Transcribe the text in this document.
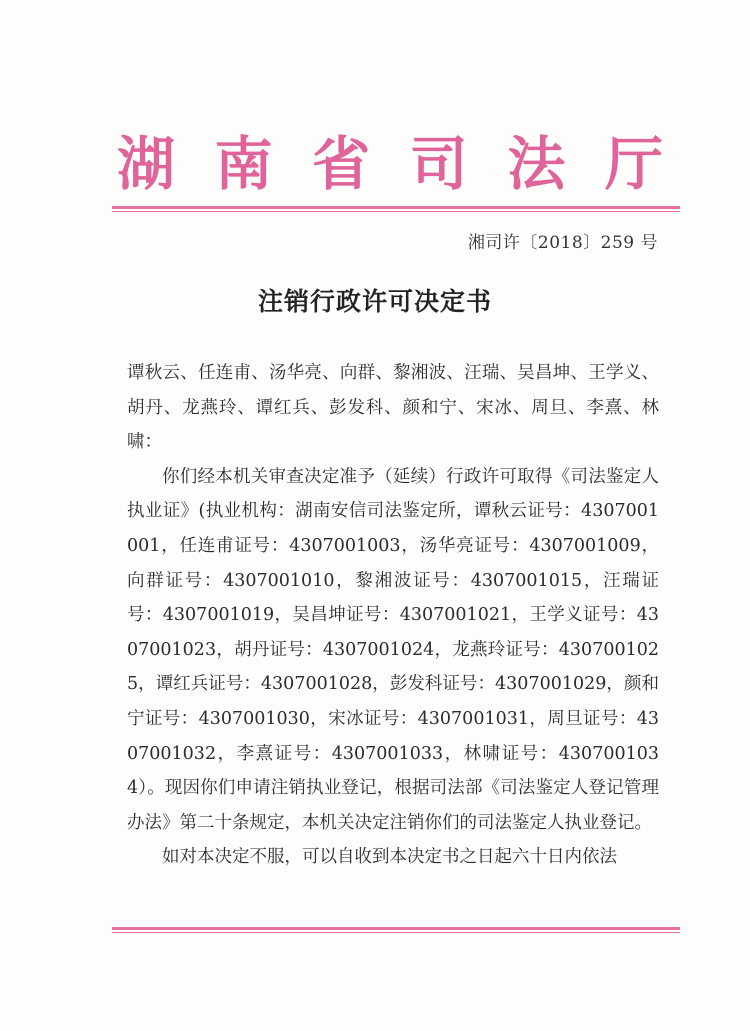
湖 南 省 司 法 厅
湘司许〔2018〕259 号
注销行政许可决定书

谭秋云、任连甫、汤华亮、向群、黎湘波、汪瑞、吴昌坤、王学义、胡丹、龙燕玲、谭红兵、彭发科、颜和宁、宋冰、周旦、李熹、林啸：

你们经本机关审查决定准予（延续）行政许可取得《司法鉴定人执业证》(执业机构：湖南安信司法鉴定所，谭秋云证号：4307001001，任连甫证号：4307001003，汤华亮证号：4307001009，向群证号：4307001010，黎湘波证号：4307001015，汪瑞证号：4307001019，吴昌坤证号：4307001021，王学义证号：4307001023，胡丹证号：4307001024，龙燕玲证号：4307001025，谭红兵证号：4307001028，彭发科证号：4307001029，颜和宁证号：4307001030，宋冰证号：4307001031，周旦证号：4307001032，李熹证号：4307001033，林啸证号：4307001034）。现因你们申请注销执业登记，根据司法部《司法鉴定人登记管理办法》第二十条规定，本机关决定注销你们的司法鉴定人执业登记。

如对本决定不服，可以自收到本决定书之日起六十日内依法
